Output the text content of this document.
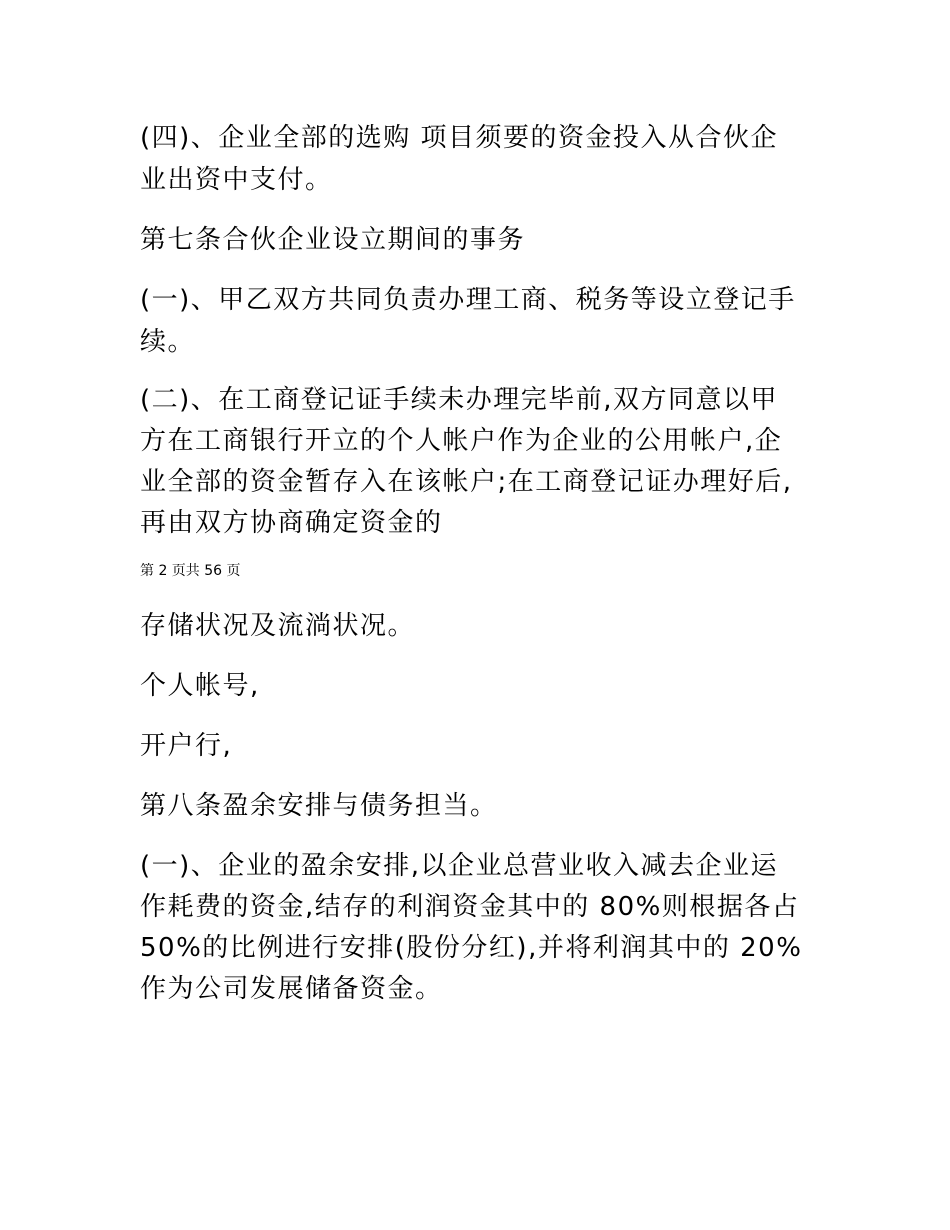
(四)、企业全部的选购 项目须要的资金投入从合伙企
业出资中支付。
第七条合伙企业设立期间的事务
(一)、甲乙双方共同负责办理工商、税务等设立登记手
续。
(二)、在工商登记证手续未办理完毕前,双方同意以甲
方在工商银行开立的个人帐户作为企业的公用帐户,企
业全部的资金暂存入在该帐户;在工商登记证办理好后,
再由双方协商确定资金的
第 2 页共 56 页
存储状况及流淌状况。
个人帐号,
开户行,
第八条盈余安排与债务担当。
(一)、企业的盈余安排,以企业总营业收入减去企业运
作耗费的资金,结存的利润资金其中的 80%则根据各占
50%的比例进行安排(股份分红),并将利润其中的 20%
作为公司发展储备资金。
